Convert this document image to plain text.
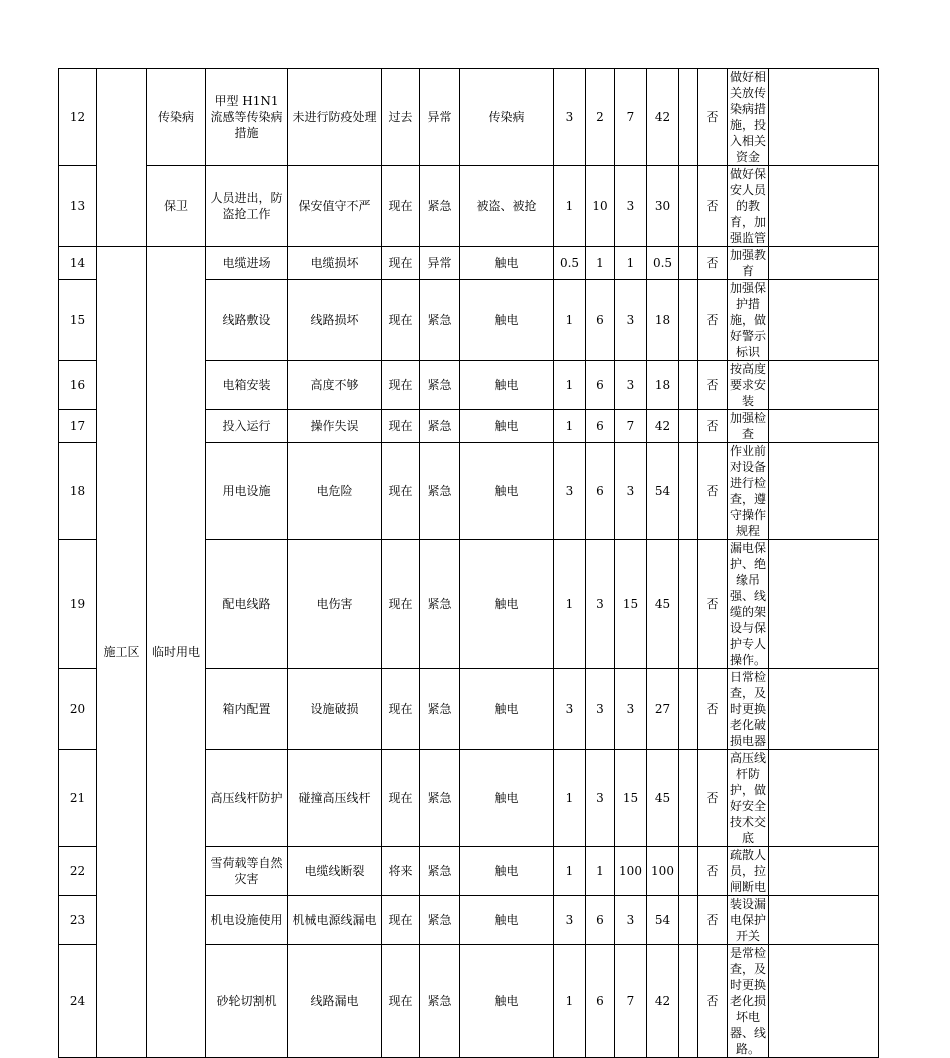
12		传染病	甲型 H1N1 流感等传染病措施	未进行防疫处理	过去	异常	传染病	3	2	7	42		否	做好相关放传染病措施，投入相关资金	
13		保卫	人员进出，防盗抢工作	保安值守不严	现在	紧急	被盗、被抢	1	10	3	30		否	做好保安人员的教育，加强监管	
14	施工区	临时用电	电缆进场	电缆损坏	现在	异常	触电	0.5	1	1	0.5		否	加强教育	
15			线路敷设	线路损坏	现在	紧急	触电	1	6	3	18		否	加强保护措施，做好警示标识	
16			电箱安装	高度不够	现在	紧急	触电	1	6	3	18		否	按高度要求安装	
17			投入运行	操作失误	现在	紧急	触电	1	6	7	42		否	加强检查	
18			用电设施	电危险	现在	紧急	触电	3	6	3	54		否	作业前对设备进行检查，遵守操作规程	
19			配电线路	电伤害	现在	紧急	触电	1	3	15	45		否	漏电保护、绝缘吊强、线缆的架设与保护专人操作。	
20			箱内配置	设施破损	现在	紧急	触电	3	3	3	27		否	日常检查，及时更换老化破损电器	
21			高压线杆防护	碰撞高压线杆	现在	紧急	触电	1	3	15	45		否	高压线杆防护，做好安全技术交底	
22			雪荷载等自然灾害	电缆线断裂	将来	紧急	触电	1	1	100	100		否	疏散人员，拉闸断电	
23			机电设施使用	机械电源线漏电	现在	紧急	触电	3	6	3	54		否	装设漏电保护开关	
24			砂轮切割机	线路漏电	现在	紧急	触电	1	6	7	42		否	是常检查，及时更换老化损坏电器、线路。	
